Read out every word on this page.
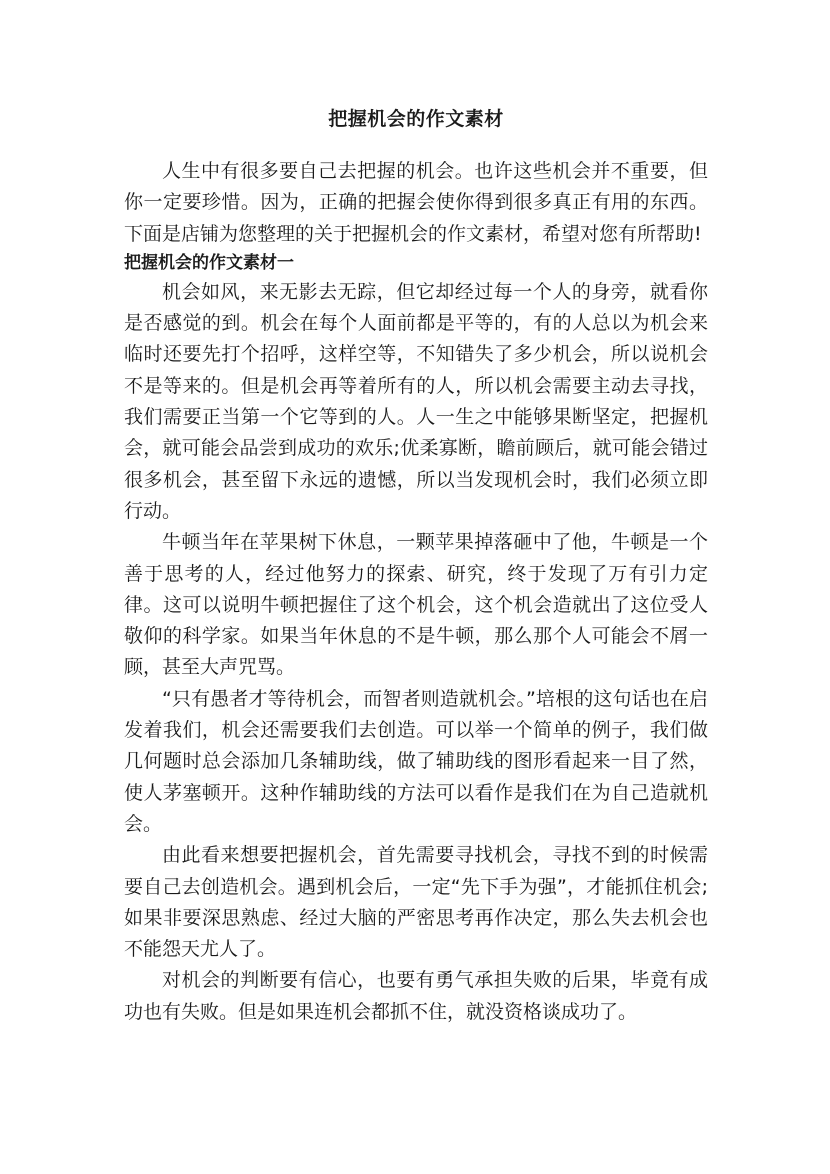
把握机会的作文素材

人生中有很多要自己去把握的机会。也许这些机会并不重要，但你一定要珍惜。因为，正确的把握会使你得到很多真正有用的东西。下面是店铺为您整理的关于把握机会的作文素材，希望对您有所帮助!

把握机会的作文素材一

机会如风，来无影去无踪，但它却经过每一个人的身旁，就看你是否感觉的到。机会在每个人面前都是平等的，有的人总以为机会来临时还要先打个招呼，这样空等，不知错失了多少机会，所以说机会不是等来的。但是机会再等着所有的人，所以机会需要主动去寻找，我们需要正当第一个它等到的人。人一生之中能够果断坚定，把握机会，就可能会品尝到成功的欢乐;优柔寡断，瞻前顾后，就可能会错过很多机会，甚至留下永远的遗憾，所以当发现机会时，我们必须立即行动。

牛顿当年在苹果树下休息，一颗苹果掉落砸中了他，牛顿是一个善于思考的人，经过他努力的探索、研究，终于发现了万有引力定律。这可以说明牛顿把握住了这个机会，这个机会造就出了这位受人敬仰的科学家。如果当年休息的不是牛顿，那么那个人可能会不屑一顾，甚至大声咒骂。

“只有愚者才等待机会，而智者则造就机会。”培根的这句话也在启发着我们，机会还需要我们去创造。可以举一个简单的例子，我们做几何题时总会添加几条辅助线，做了辅助线的图形看起来一目了然，使人茅塞顿开。这种作辅助线的方法可以看作是我们在为自己造就机会。

由此看来想要把握机会，首先需要寻找机会，寻找不到的时候需要自己去创造机会。遇到机会后，一定“先下手为强”，才能抓住机会;如果非要深思熟虑、经过大脑的严密思考再作决定，那么失去机会也不能怨天尤人了。

对机会的判断要有信心，也要有勇气承担失败的后果，毕竟有成功也有失败。但是如果连机会都抓不住，就没资格谈成功了。
